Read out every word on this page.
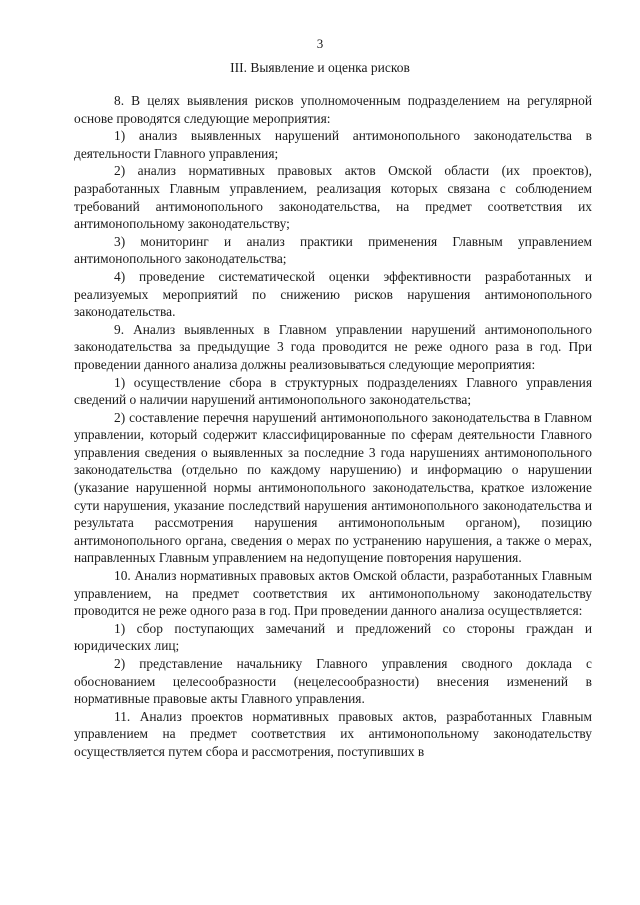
3
III. Выявление и оценка рисков

8. В целях выявления рисков уполномоченным подразделением на регулярной основе проводятся следующие мероприятия:

1) анализ выявленных нарушений антимонопольного законодательства в деятельности Главного управления;

2) анализ нормативных правовых актов Омской области (их проектов), разработанных Главным управлением, реализация которых связана с соблюдением требований антимонопольного законодательства, на предмет соответствия их антимонопольному законодательству;

3) мониторинг и анализ практики применения Главным управлением антимонопольного законодательства;

4) проведение систематической оценки эффективности разработанных и реализуемых мероприятий по снижению рисков нарушения антимонопольного законодательства.

9. Анализ выявленных в Главном управлении нарушений антимонопольного законодательства за предыдущие 3 года проводится не реже одного раза в год. При проведении данного анализа должны реализовываться следующие мероприятия:

1) осуществление сбора в структурных подразделениях Главного управления сведений о наличии нарушений антимонопольного законодательства;

2) составление перечня нарушений антимонопольного законодательства в Главном управлении, который содержит классифицированные по сферам деятельности Главного управления сведения о выявленных за последние 3 года нарушениях антимонопольного законодательства (отдельно по каждому нарушению) и информацию о нарушении (указание нарушенной нормы антимонопольного законодательства, краткое изложение сути нарушения, указание последствий нарушения антимонопольного законодательства и результата рассмотрения нарушения антимонопольным органом), позицию антимонопольного органа, сведения о мерах по устранению нарушения, а также о мерах, направленных Главным управлением на недопущение повторения нарушения.

10. Анализ нормативных правовых актов Омской области, разработанных Главным управлением, на предмет соответствия их антимонопольному законодательству проводится не реже одного раза в год. При проведении данного анализа осуществляется:

1) сбор поступающих замечаний и предложений со стороны граждан и юридических лиц;

2) представление начальнику Главного управления сводного доклада с обоснованием целесообразности (нецелесообразности) внесения изменений в нормативные правовые акты Главного управления.

11. Анализ проектов нормативных правовых актов, разработанных Главным управлением на предмет соответствия их антимонопольному законодательству осуществляется путем сбора и рассмотрения, поступивших в
